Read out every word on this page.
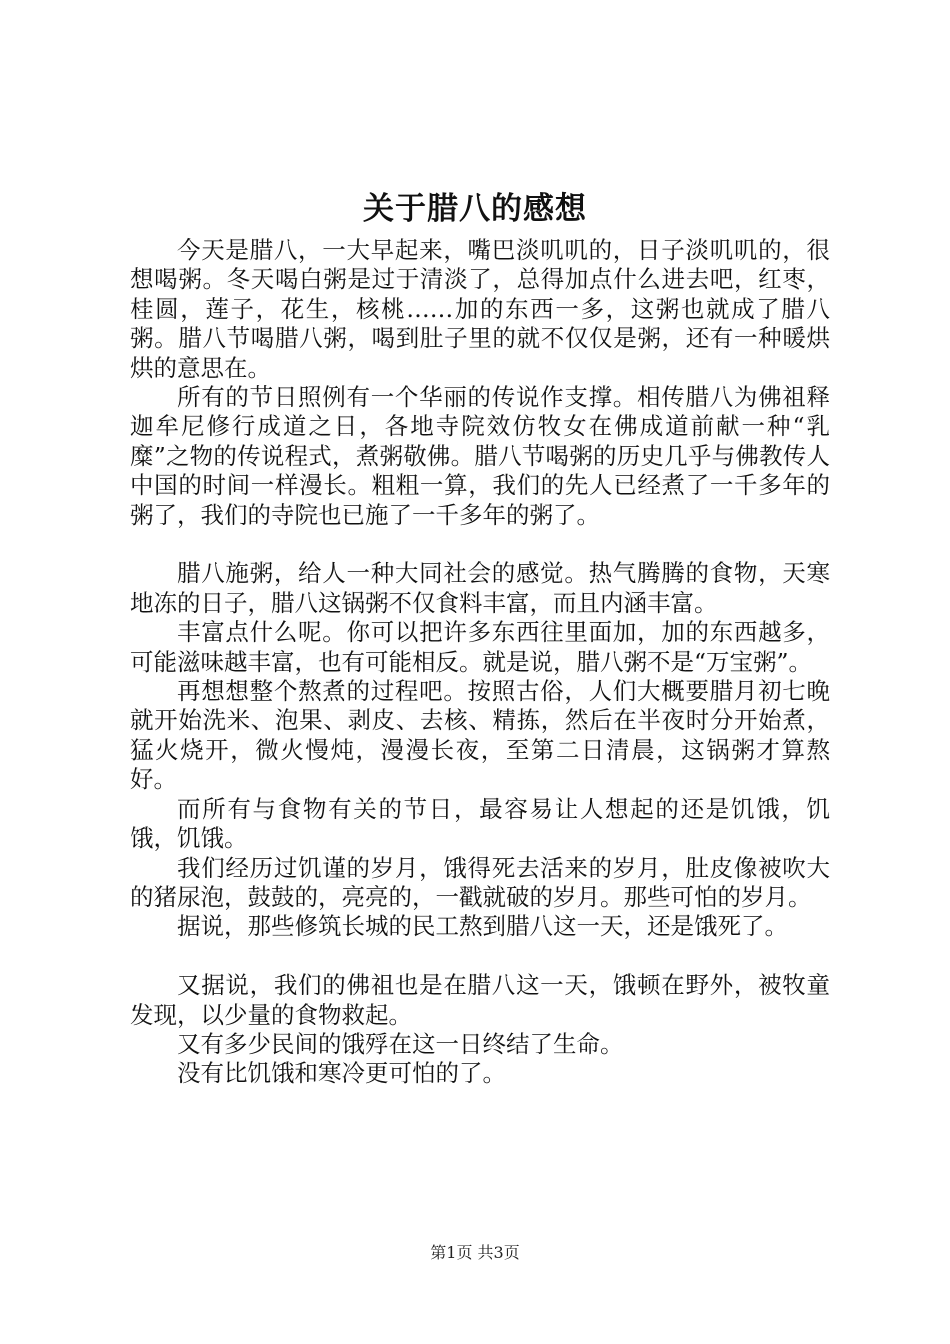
关于腊八的感想

今天是腊八，一大早起来，嘴巴淡叽叽的，日子淡叽叽的，很想喝粥。冬天喝白粥是过于清淡了，总得加点什么进去吧，红枣，桂圆，莲子，花生，核桃……加的东西一多，这粥也就成了腊八粥。腊八节喝腊八粥，喝到肚子里的就不仅仅是粥，还有一种暖烘烘的意思在。

所有的节日照例有一个华丽的传说作支撑。相传腊八为佛祖释迦牟尼修行成道之日，各地寺院效仿牧女在佛成道前献一种“乳糜”之物的传说程式，煮粥敬佛。腊八节喝粥的历史几乎与佛教传人中国的时间一样漫长。粗粗一算，我们的先人已经煮了一千多年的粥了，我们的寺院也已施了一千多年的粥了。

腊八施粥，给人一种大同社会的感觉。热气腾腾的食物，天寒地冻的日子，腊八这锅粥不仅食料丰富，而且内涵丰富。

丰富点什么呢。你可以把许多东西往里面加，加的东西越多，可能滋味越丰富，也有可能相反。就是说，腊八粥不是“万宝粥”。

再想想整个熬煮的过程吧。按照古俗，人们大概要腊月初七晚就开始洗米、泡果、剥皮、去核、精拣，然后在半夜时分开始煮，猛火烧开，微火慢炖，漫漫长夜，至第二日清晨，这锅粥才算熬好。

而所有与食物有关的节日，最容易让人想起的还是饥饿，饥饿，饥饿。

我们经历过饥谨的岁月，饿得死去活来的岁月，肚皮像被吹大的猪尿泡，鼓鼓的，亮亮的，一戳就破的岁月。那些可怕的岁月。

据说，那些修筑长城的民工熬到腊八这一天，还是饿死了。

又据说，我们的佛祖也是在腊八这一天，饿顿在野外，被牧童发现，以少量的食物救起。

又有多少民间的饿殍在这一日终结了生命。

没有比饥饿和寒冷更可怕的了。

第1页 共3页
